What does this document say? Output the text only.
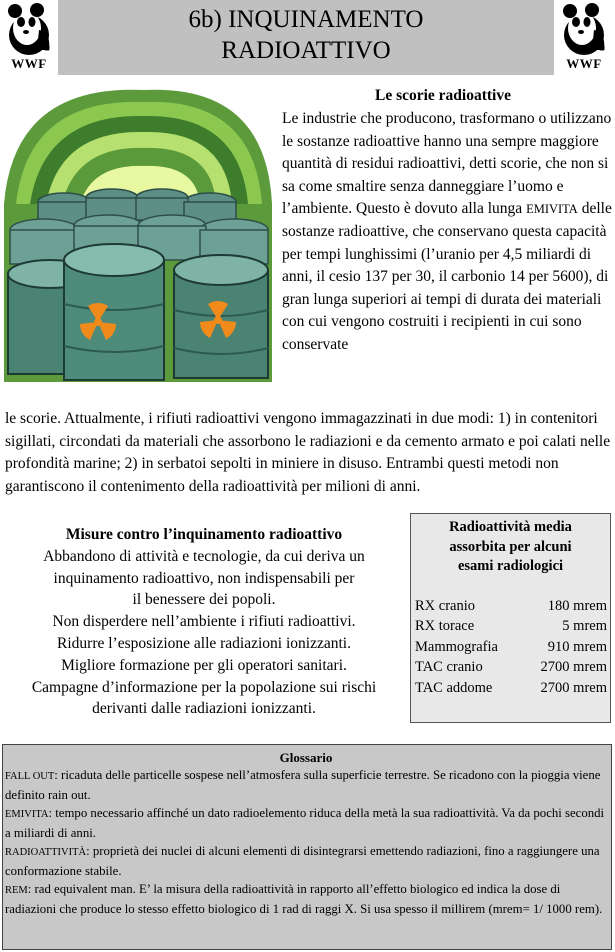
©
WWF
©
WWF
6b) INQUINAMENTO
RADIOATTIVO
Le scorie radioattive
Le industrie che producono, trasformano o utilizzano le sostanze radioattive hanno una sempre maggiore quantità di residui radioattivi, detti scorie, che non si sa come smaltire senza danneggiare l’uomo e l’ambiente. Questo è dovuto alla lunga EMIVITA delle sostanze radioattive, che conservano questa capacità per tempi lunghissimi (l’uranio per 4,5 miliardi di anni, il cesio 137 per 30, il carbonio 14 per 5600), di gran lunga superiori ai tempi di durata dei materiali con cui vengono costruiti i recipienti in cui sono conservate
le scorie. Attualmente, i rifiuti radioattivi vengono immagazzinati in due modi: 1) in contenitori sigillati, circondati da materiali che assorbono le radiazioni e da cemento armato e poi calati nelle profondità marine; 2) in serbatoi sepolti in miniere in disuso. Entrambi questi metodi non garantiscono il contenimento della radioattività per milioni di anni.
Misure contro l’inquinamento radioattivo
Abbandono di attività e tecnologie, da cui deriva un
inquinamento radioattivo, non indispensabili per
il benessere dei popoli.
Non disperdere nell’ambiente i rifiuti radioattivi.
Ridurre l’esposizione alle radiazioni ionizzanti.
Migliore formazione per gli operatori sanitari.
Campagne d’informazione per la popolazione sui rischi
derivanti dalle radiazioni ionizzanti.
Radioattività media
assorbita per alcuni
esami radiologici
RX cranio	180 mrem
RX torace	5 mrem
Mammografia	910 mrem
TAC cranio	2700 mrem
TAC addome	2700 mrem
Glossario
FALL OUT: ricaduta delle particelle sospese nell’atmosfera sulla superficie terrestre. Se ricadono con la pioggia viene definito rain out.
EMIVITA: tempo necessario affinché un dato radioelemento riduca della metà la sua radioattività. Va da pochi secondi a miliardi di anni.
RADIOATTIVITÀ: proprietà dei nuclei di alcuni elementi di disintegrarsi emettendo radiazioni, fino a raggiungere una conformazione stabile.
REM: rad equivalent man. E’ la misura della radioattività in rapporto all’effetto biologico ed indica la dose di radiazioni che produce lo stesso effetto biologico di 1 rad di raggi X. Si usa spesso il millirem (mrem= 1/ 1000 rem).
